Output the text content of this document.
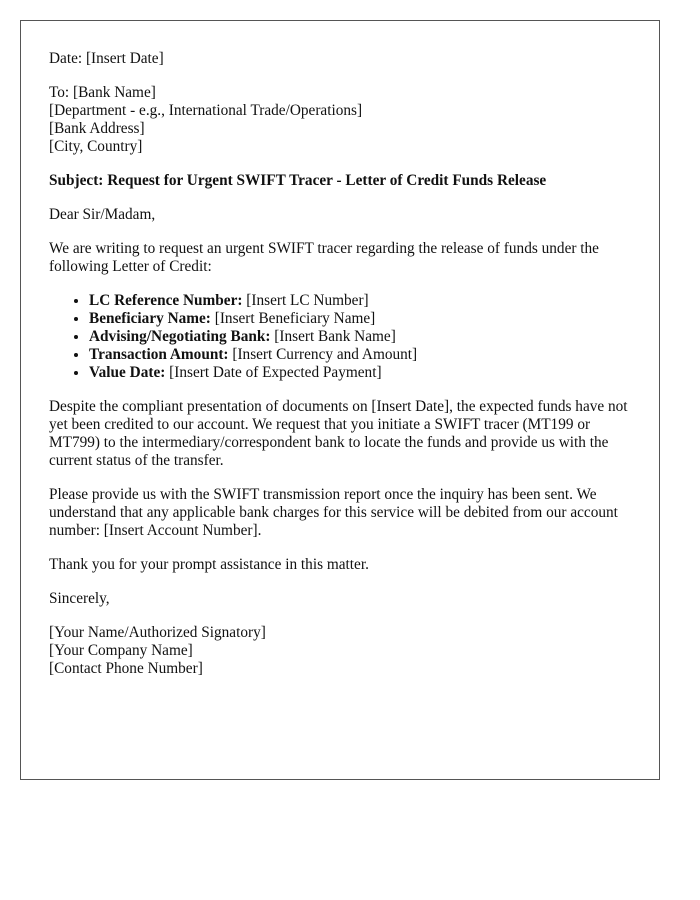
Date: [Insert Date]

To: [Bank Name]
[Department - e.g., International Trade/Operations]
[Bank Address]
[City, Country]

Subject: Request for Urgent SWIFT Tracer - Letter of Credit Funds Release

Dear Sir/Madam,

We are writing to request an urgent SWIFT tracer regarding the release of funds under the following Letter of Credit:

• LC Reference Number: [Insert LC Number]
• Beneficiary Name: [Insert Beneficiary Name]
• Advising/Negotiating Bank: [Insert Bank Name]
• Transaction Amount: [Insert Currency and Amount]
• Value Date: [Insert Date of Expected Payment]

Despite the compliant presentation of documents on [Insert Date], the expected funds have not yet been credited to our account. We request that you initiate a SWIFT tracer (MT199 or MT799) to the intermediary/correspondent bank to locate the funds and provide us with the current status of the transfer.

Please provide us with the SWIFT transmission report once the inquiry has been sent. We understand that any applicable bank charges for this service will be debited from our account number: [Insert Account Number].

Thank you for your prompt assistance in this matter.

Sincerely,

[Your Name/Authorized Signatory]
[Your Company Name]
[Contact Phone Number]
